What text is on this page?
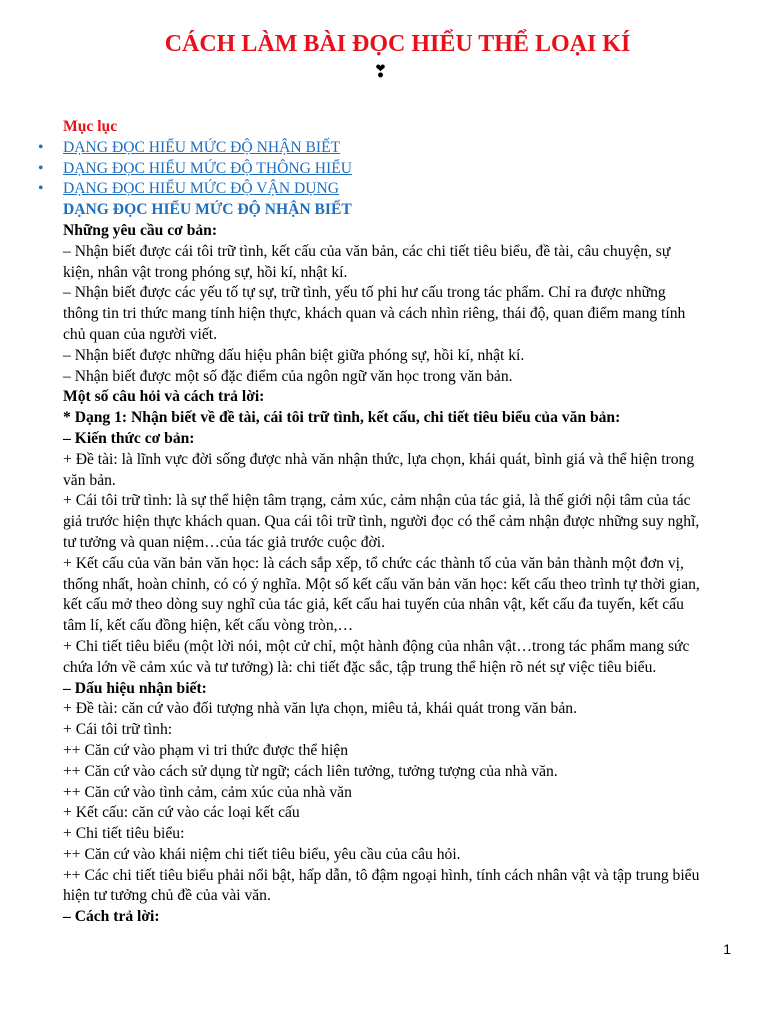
CÁCH LÀM BÀI ĐỌC HIỂU THỂ LOẠI KÍ
❣  
Mục lục
• DẠNG ĐỌC HIỂU MỨC ĐỘ NHẬN BIẾT
• DẠNG ĐỌC HIỂU MỨC ĐỘ THÔNG HIỂU
• DẠNG ĐỌC HIỂU MỨC ĐỘ VẬN DỤNG
DẠNG ĐỌC HIỂU MỨC ĐỘ NHẬN BIẾT
Những yêu cầu cơ bản:
– Nhận biết được cái tôi trữ tình, kết cấu của văn bản, các chi tiết tiêu biểu, đề tài, câu chuyện, sự
kiện, nhân vật trong phóng sự, hồi kí, nhật kí.
– Nhận biết được các yếu tố tự sự, trữ tình, yếu tố phi hư cấu trong tác phẩm. Chỉ ra được những
thông tin tri thức mang tính hiện thực, khách quan và cách nhìn riêng, thái độ, quan điểm mang tính
chủ quan của người viết.
– Nhận biết được những dấu hiệu phân biệt giữa phóng sự, hồi kí, nhật kí.
– Nhận biết được một số đặc điểm của ngôn ngữ văn học trong văn bản.
Một số câu hỏi và cách trả lời:
* Dạng 1: Nhận biết về đề tài, cái tôi trữ tình, kết cấu, chi tiết tiêu biểu của văn bản:
– Kiến thức cơ bản:
+ Đề tài: là lĩnh vực đời sống được nhà văn nhận thức, lựa chọn, khái quát, bình giá và thể hiện trong
văn bản.
+ Cái tôi trữ tình: là sự thể hiện tâm trạng, cảm xúc, cảm nhận của tác giả, là thế giới nội tâm của tác
giả trước hiện thực khách quan. Qua cái tôi trữ tình, người đọc có thể cảm nhận được những suy nghĩ,
tư tưởng và quan niệm…của tác giả trước cuộc đời.
+ Kết cấu của văn bản văn học: là cách sắp xếp, tổ chức các thành tố của văn bản thành một đơn vị,
thống nhất, hoàn chỉnh, có có ý nghĩa. Một số kết cấu văn bản văn học: kết cấu theo trình tự thời gian,
kết cấu mở theo dòng suy nghĩ của tác giả, kết cấu hai tuyến của nhân vật, kết cấu đa tuyến, kết cấu
tâm lí, kết cấu đồng hiện, kết cấu vòng tròn,…
+ Chi tiết tiêu biểu (một lời nói, một cử chỉ, một hành động của nhân vật…trong tác phẩm mang sức
chứa lớn về cảm xúc và tư tưởng) là: chi tiết đặc sắc, tập trung thể hiện rõ nét sự việc tiêu biểu.
– Dấu hiệu nhận biết:
+ Đề tài: căn cứ vào đối tượng nhà văn lựa chọn, miêu tả, khái quát trong văn bản.
+ Cái tôi trữ tình:
++ Căn cứ vào phạm vi tri thức được thể hiện
++ Căn cứ vào cách sử dụng từ ngữ; cách liên tưởng, tưởng tượng của nhà văn.
++ Căn cứ vào tình cảm, cảm xúc của nhà văn
+ Kết cấu: căn cứ vào các loại kết cấu
+ Chi tiết tiêu biểu:
++ Căn cứ vào khái niệm chi tiết tiêu biểu, yêu cầu của câu hỏi.
++ Các chi tiết tiêu biểu phải nổi bật, hấp dẫn, tô đậm ngoại hình, tính cách nhân vật và tập trung biểu
hiện tư tưởng chủ đề của vài văn.
– Cách trả lời:
1
